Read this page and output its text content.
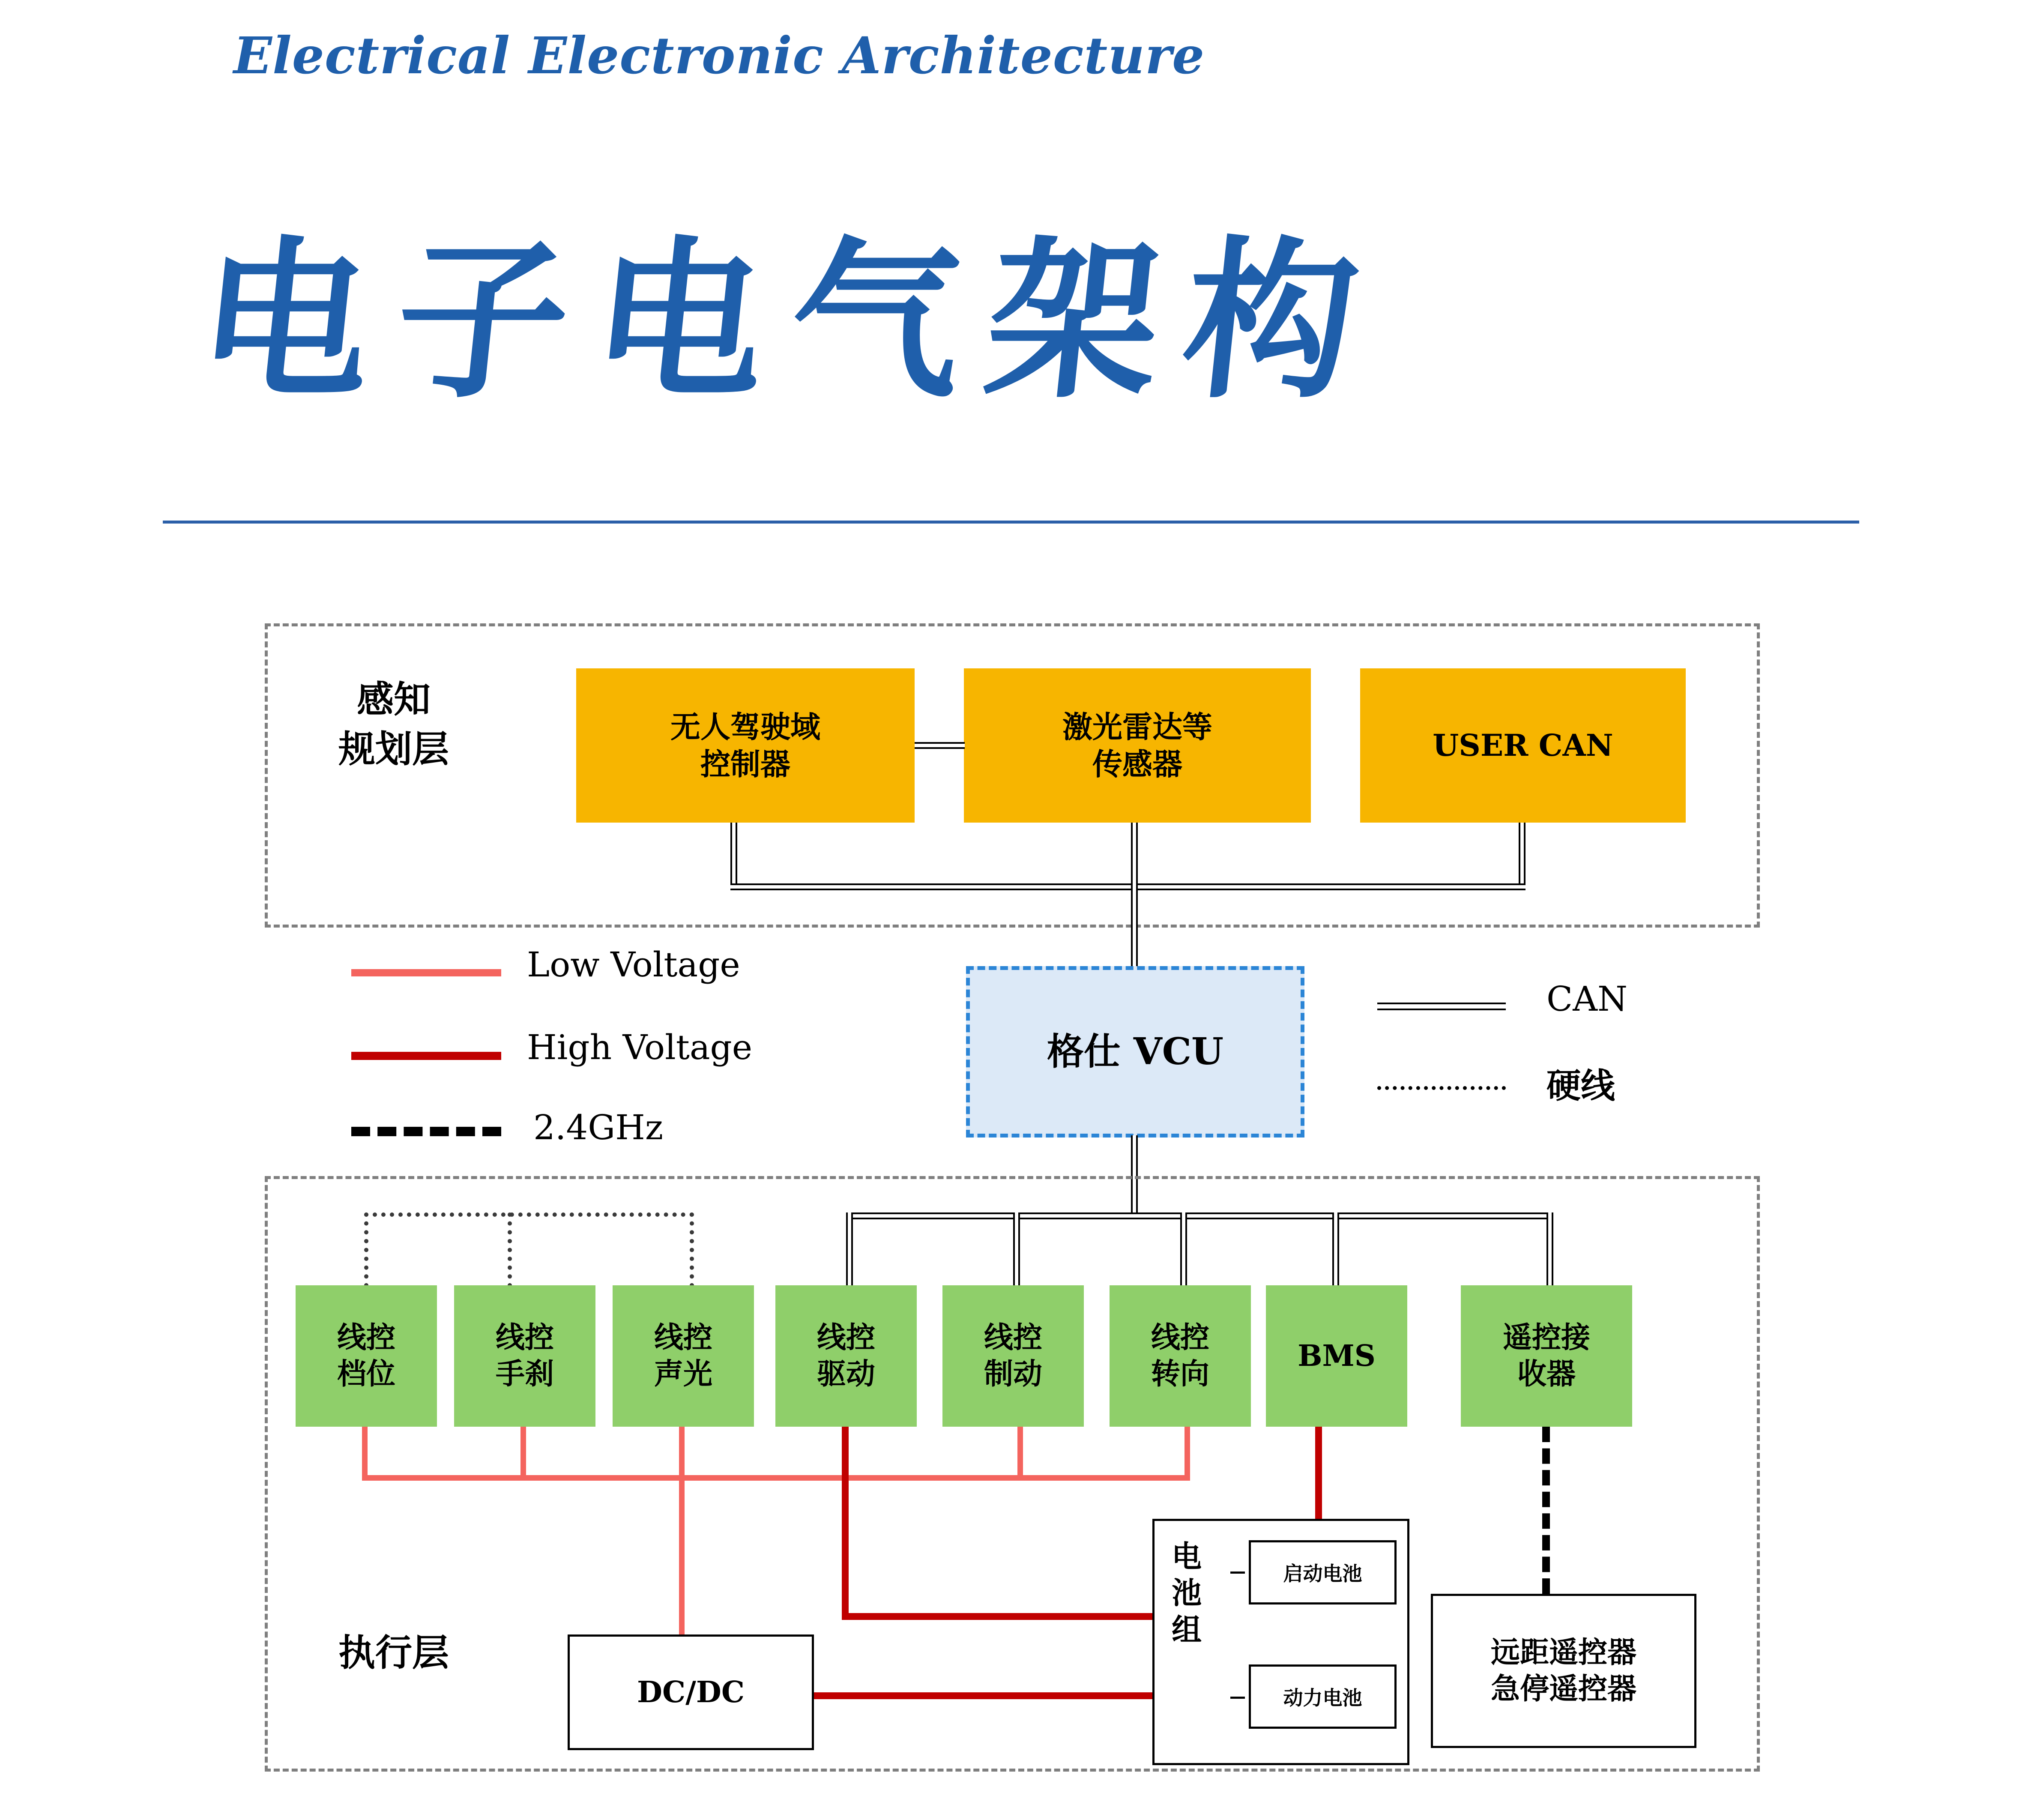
Electrical Electronic Architecture
电子电气架构
感知
规划层
无人驾驶域
控制器
激光雷达等
传感器
USER CAN
格仕 VCU
Low Voltage
High Voltage
2.4GHz
CAN
硬线
执行层
线控
档位
线控
手刹
线控
声光
线控
驱动
线控
制动
线控
转向
BMS
遥控接
收器
DC/DC
电池组
启动电池
动力电池
远距遥控器
急停遥控器
